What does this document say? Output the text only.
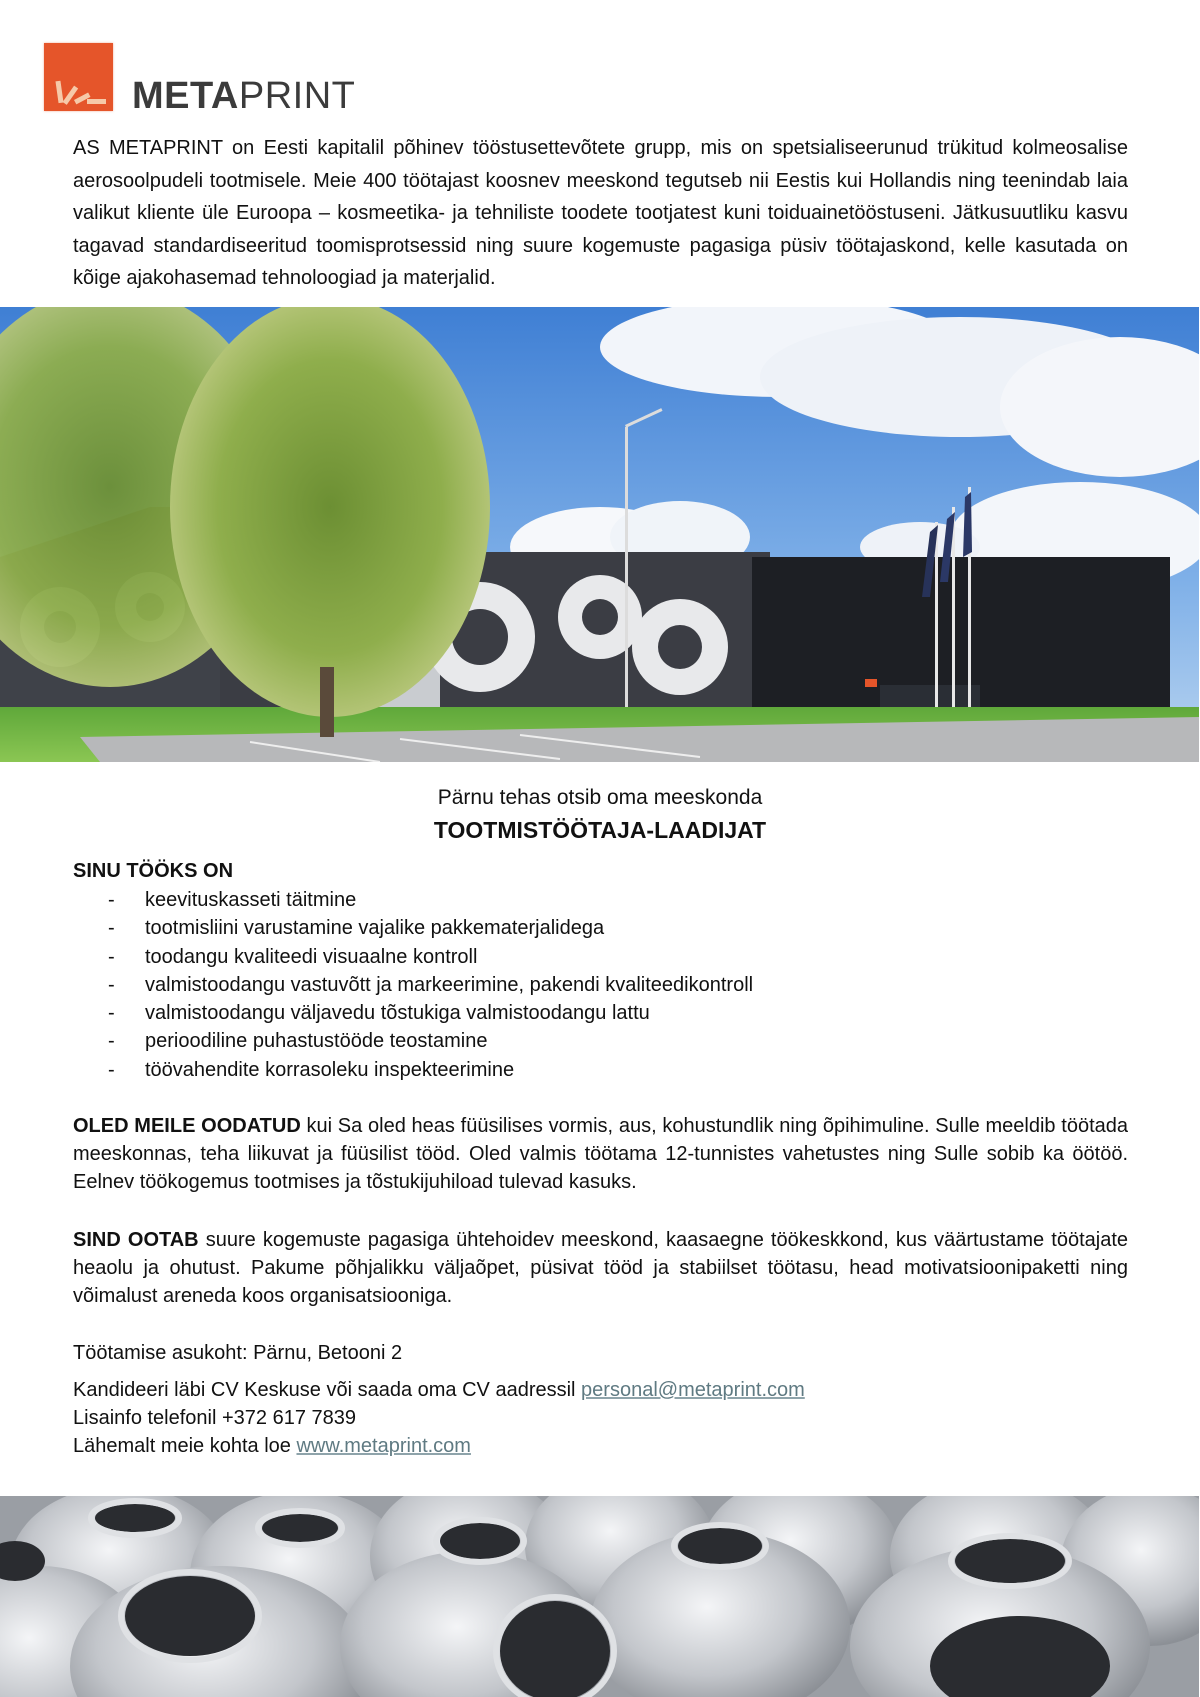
METAPRINT

AS METAPRINT on Eesti kapitalil põhinev tööstusettevõtete grupp, mis on spetsialiseerunud trükitud kolmeosalise aerosoolpudeli tootmisele. Meie 400 töötajast koosnev meeskond tegutseb nii Eestis kui Hollandis ning teenindab laia valikut kliente üle Euroopa – kosmeetika- ja tehniliste toodete tootjatest kuni toiduainetööstuseni. Jätkusuutliku kasvu tagavad standardiseeritud toomisprotsessid ning suure kogemuste pagasiga püsiv töötajaskond, kelle kasutada on kõige ajakohasemad tehnoloogiad ja materjalid.

Pärnu tehas otsib oma meeskonda
TOOTMISTÖÖTAJA-LAADIJAT
SINU TÖÖKS ON
-	keevituskasseti täitmine
-	tootmisliini varustamine vajalike pakkematerjalidega
-	toodangu kvaliteedi visuaalne kontroll
-	valmistoodangu vastuvõtt ja markeerimine, pakendi kvaliteedikontroll
-	valmistoodangu väljavedu tõstukiga valmistoodangu lattu
-	perioodiline puhastustööde teostamine
-	töövahendite korrasoleku inspekteerimine
OLED MEILE OODATUD kui Sa oled heas füüsilises vormis, aus, kohustundlik ning õpihimuline. Sulle meeldib töötada meeskonnas, teha liikuvat ja füüsilist tööd. Oled valmis töötama 12-tunnistes vahetustes ning Sulle sobib ka öötöö. Eelnev töökogemus tootmises ja tõstukijuhiload tulevad kasuks.
SIND OOTAB suure kogemuste pagasiga ühtehoidev meeskond, kaasaegne töökeskkond, kus väärtustame töötajate heaolu ja ohutust. Pakume põhjalikku väljaõpet, püsivat tööd ja stabiilset töötasu, head motivatsioonipaketti ning võimalust areneda koos organisatsiooniga.
Töötamise asukoht: Pärnu, Betooni 2
Kandideeri läbi CV Keskuse või saada oma CV aadressil personal@metaprint.com
Lisainfo telefonil +372 617 7839
Lähemalt meie kohta loe www.metaprint.com
